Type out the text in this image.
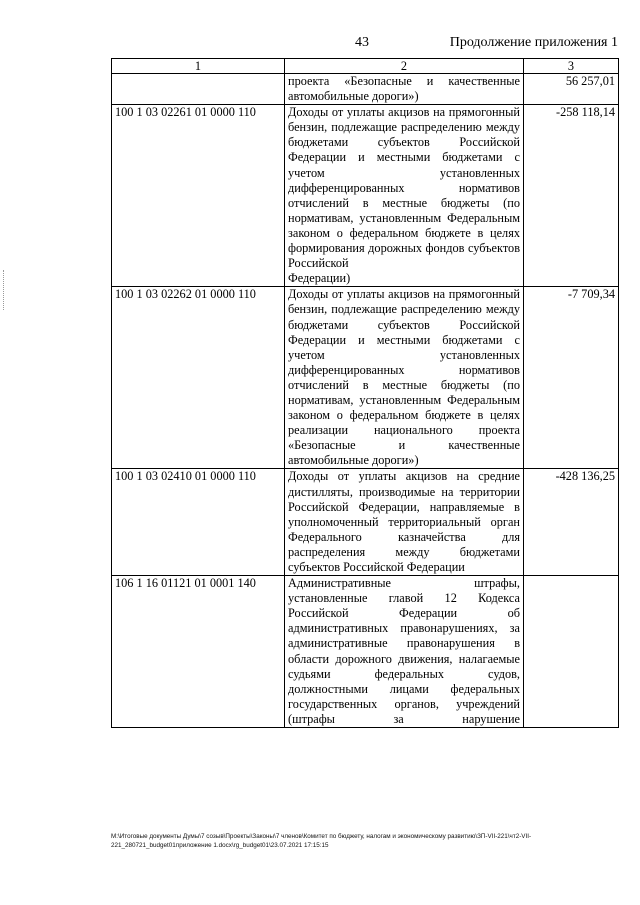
43	Продолжение приложения 1
1	2	3
	проекта «Безопасные и качественные
автомобильные дороги»)	56 257,01
100 1 03 02261 01 0000 110	Доходы от уплаты акцизов на прямогонный бензин, подлежащие распределению между бюджетами субъектов Российской Федерации и местными бюджетами с учетом установленных дифференцированных нормативов отчислений в местные бюджеты (по нормативам, установленным Федеральным законом о федеральном бюджете в целях формирования дорожных фондов субъектов Российской
Федерации)	-258 118,14
100 1 03 02262 01 0000 110	Доходы от уплаты акцизов на прямогонный бензин, подлежащие распределению между бюджетами субъектов Российской Федерации и местными бюджетами с учетом установленных дифференцированных нормативов отчислений в местные бюджеты (по нормативам, установленным Федеральным законом о федеральном бюджете в целях реализации национального проекта «Безопасные и качественные
автомобильные дороги»)	-7 709,34
100 1 03 02410 01 0000 110	Доходы от уплаты акцизов на средние дистилляты, производимые на территории Российской Федерации, направляемые в уполномоченный территориальный орган Федерального казначейства для распределения между бюджетами
субъектов Российской Федерации	-428 136,25
106 1 16 01121 01 0001 140	Административные штрафы, установленные главой 12 Кодекса Российской Федерации об административных правонарушениях, за административные правонарушения в области дорожного движения, налагаемые судьями федеральных судов, должностными лицами федеральных государственных органов, учреждений (штрафы за нарушение

M:\Итоговые документы Думы\7 созыв\Проекты\Законы\7 членов\Комитет по бюджету, налогам и экономическому развитию\ЗП-VII-221\чт2-VII-221_280721_budget01приложение 1.docx\rg_budget01\23.07.2021 17:15:15
